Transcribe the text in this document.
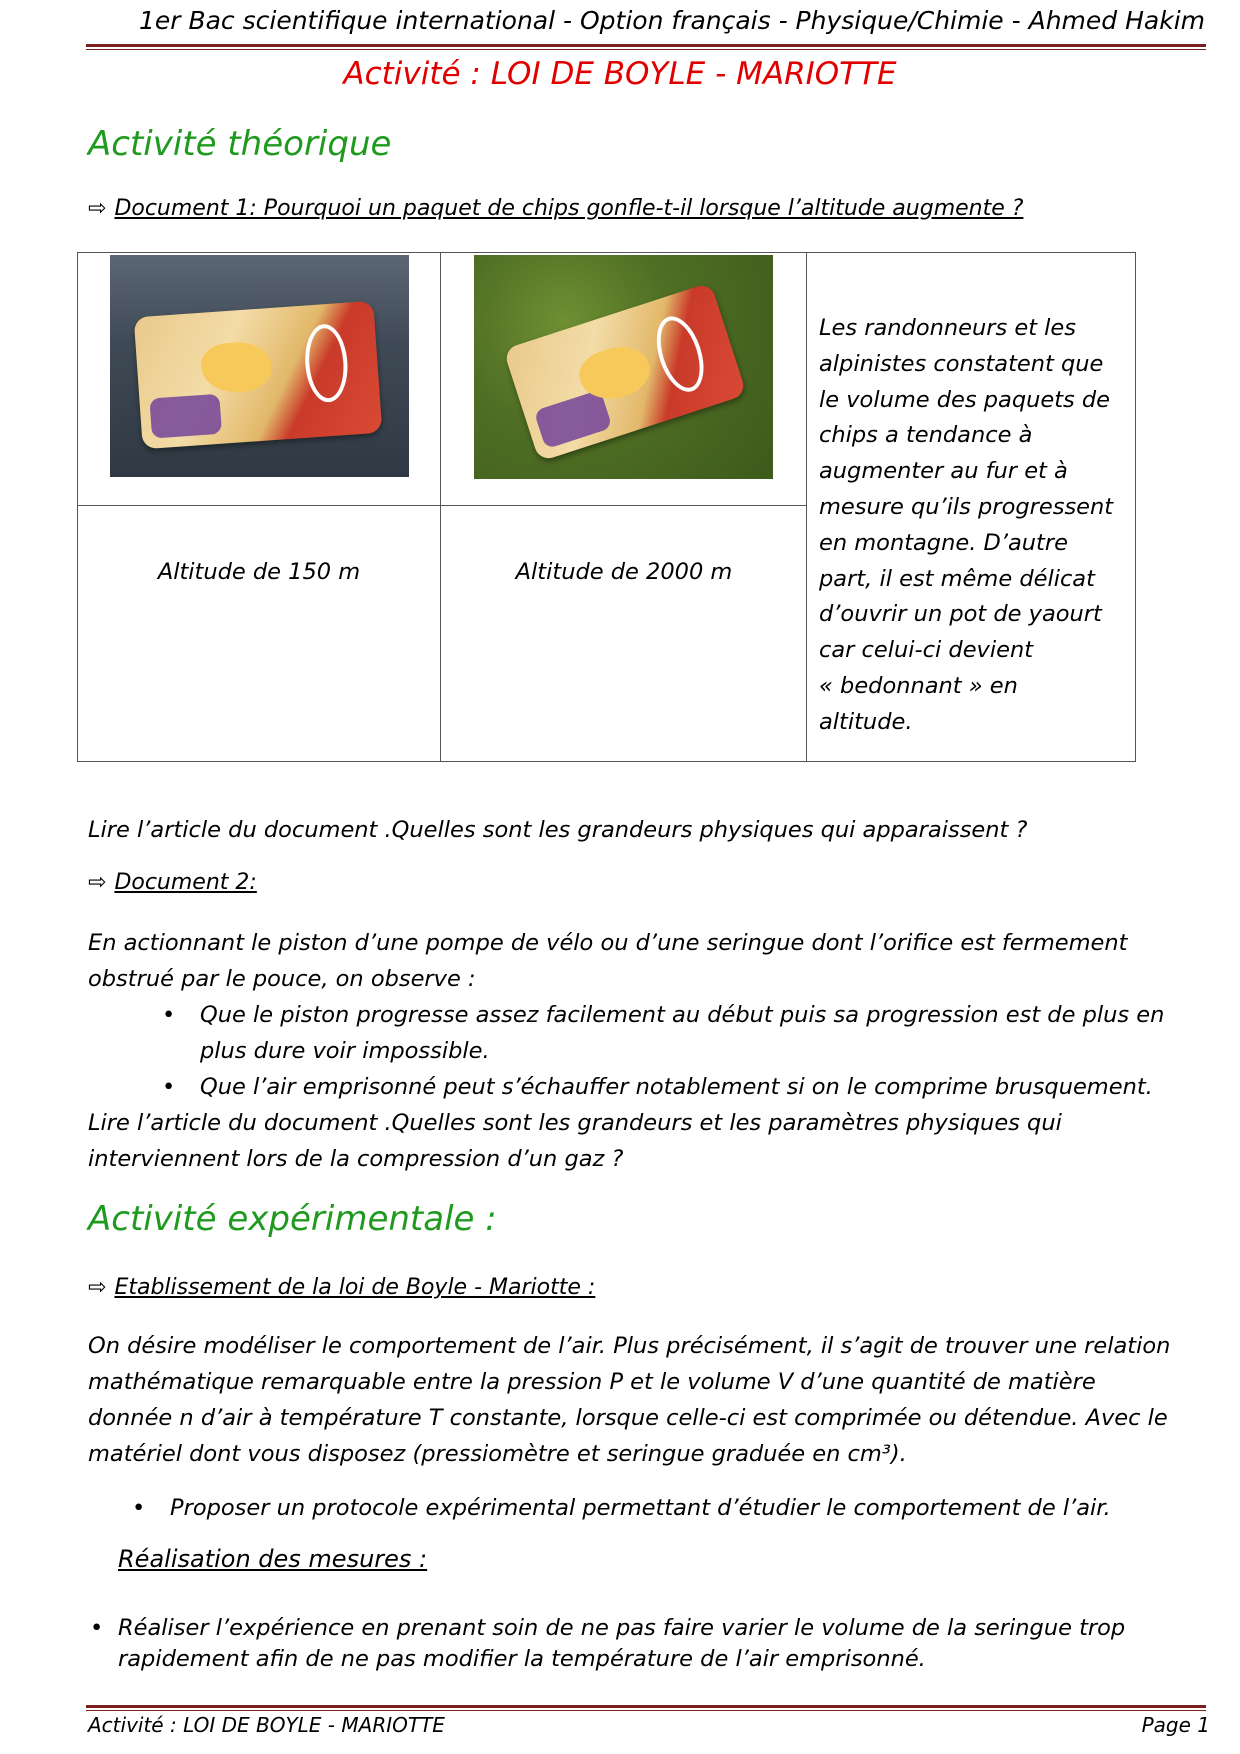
1er Bac scientifique international - Option français - Physique/Chimie - Ahmed Hakim
Activité : LOI DE BOYLE - MARIOTTE
Activité théorique
⇨ Document 1: Pourquoi un paquet de chips gonfle-t-il lorsque l’altitude augmente ?
Altitude de 150 m	Altitude de 2000 m
Les randonneurs et les
alpinistes constatent que
le volume des paquets de
chips a tendance à
augmenter au fur et à
mesure qu’ils progressent
en montagne. D’autre
part, il est même délicat
d’ouvrir un pot de yaourt
car celui-ci devient
« bedonnant » en
altitude.
Lire l’article du document .Quelles sont les grandeurs physiques qui apparaissent ?
⇨ Document 2:
En actionnant le piston d’une pompe de vélo ou d’une seringue dont l’orifice est fermement
obstrué par le pouce, on observe :
• Que le piston progresse assez facilement au début puis sa progression est de plus en
plus dure voir impossible.
• Que l’air emprisonné peut s’échauffer notablement si on le comprime brusquement.
Lire l’article du document .Quelles sont les grandeurs et les paramètres physiques qui
interviennent lors de la compression d’un gaz ?
Activité expérimentale :
⇨ Etablissement de la loi de Boyle - Mariotte :
On désire modéliser le comportement de l’air. Plus précisément, il s’agit de trouver une relation
mathématique remarquable entre la pression P et le volume V d’une quantité de matière
donnée n d’air à température T constante, lorsque celle-ci est comprimée ou détendue. Avec le
matériel dont vous disposez (pressiomètre et seringue graduée en cm³).
• Proposer un protocole expérimental permettant d’étudier le comportement de l’air.
Réalisation des mesures :
• Réaliser l’expérience en prenant soin de ne pas faire varier le volume de la seringue trop
rapidement afin de ne pas modifier la température de l’air emprisonné.
Activité : LOI DE BOYLE - MARIOTTE	Page 1
